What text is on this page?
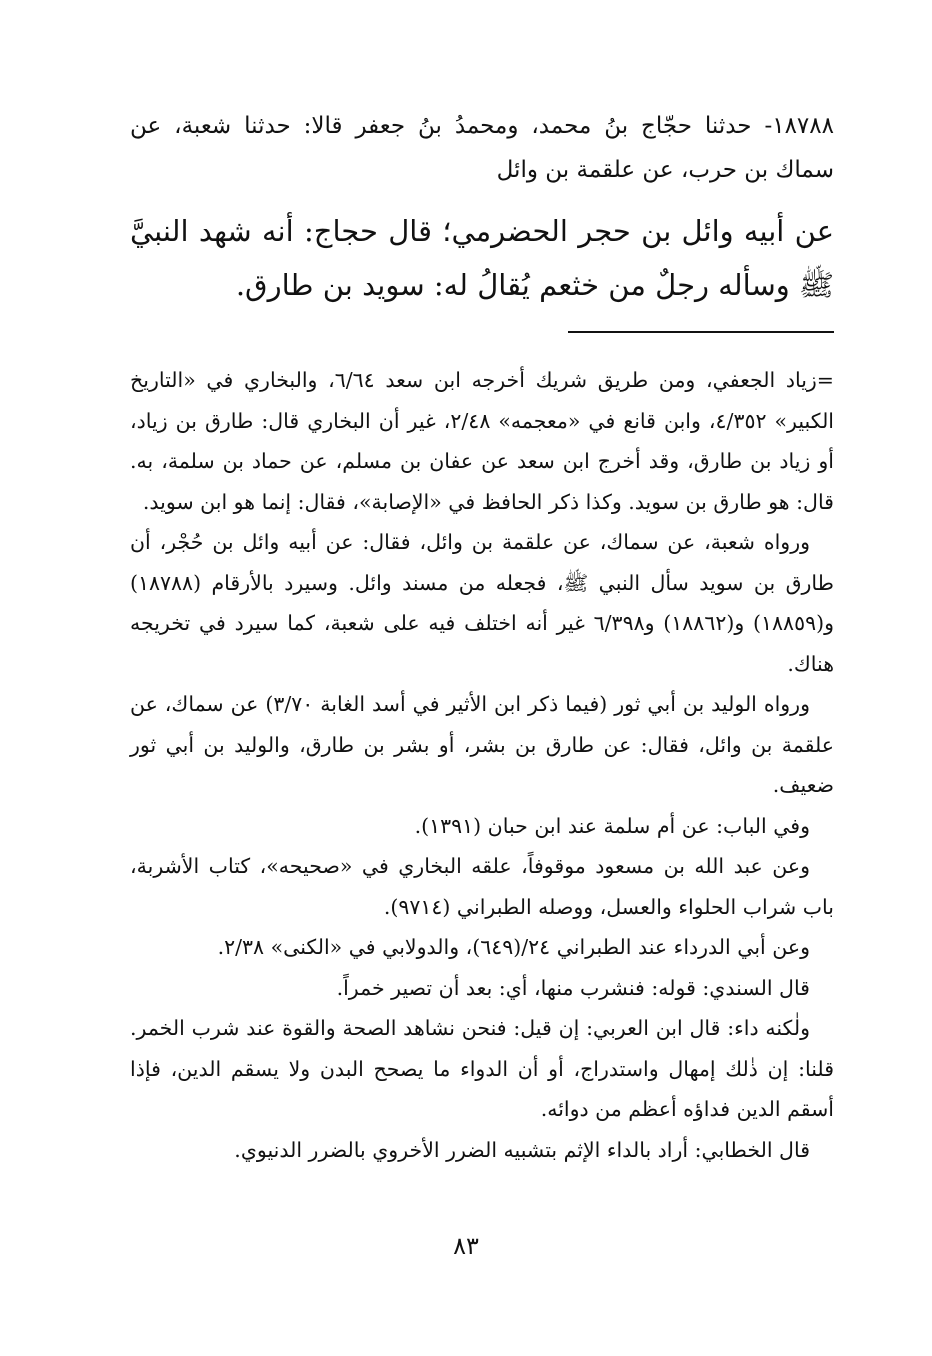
١٨٧٨٨- حدثنا حجّاج بنُ محمد، ومحمدُ بنُ جعفر قالا: حدثنا شعبة، عن سماك بن حرب، عن علقمة بن وائل
عن أبيه وائل بن حجر الحضرمي؛ قال حجاج: أنه شهد النبيَّ ﷺ وسأله رجلٌ من خثعم يُقالُ له: سويد بن طارق.

=زياد الجعفي، ومن طريق شريك أخرجه ابن سعد ٦/٦٤، والبخاري في «التاريخ الكبير» ٤/٣٥٢، وابن قانع في «معجمه» ٢/٤٨، غير أن البخاري قال: طارق بن زياد، أو زياد بن طارق، وقد أخرج ابن سعد عن عفان بن مسلم، عن حماد بن سلمة، به. قال: هو طارق بن سويد. وكذا ذكر الحافظ في «الإصابة»، فقال: إنما هو ابن سويد.

ورواه شعبة، عن سماك، عن علقمة بن وائل، فقال: عن أبيه وائل بن حُجْر، أن طارق بن سويد سأل النبي ﷺ، فجعله من مسند وائل. وسيرد بالأرقام (١٨٧٨٨) و(١٨٨٥٩) و(١٨٨٦٢) و٦/٣٩٨ غير أنه اختلف فيه على شعبة، كما سيرد في تخريجه هناك.

ورواه الوليد بن أبي ثور (فيما ذكر ابن الأثير في أسد الغابة ٣/٧٠) عن سماك، عن علقمة بن وائل، فقال: عن طارق بن بشر، أو بشر بن طارق، والوليد بن أبي ثور ضعيف.

وفي الباب: عن أم سلمة عند ابن حبان (١٣٩١).

وعن عبد الله بن مسعود موقوفاً، علقه البخاري في «صحيحه»، كتاب الأشربة، باب شراب الحلواء والعسل، ووصله الطبراني (٩٧١٤).

وعن أبي الدرداء عند الطبراني ٢٤/(٦٤٩)، والدولابي في «الكنى» ٢/٣٨.

قال السندي: قوله: فنشرب منها، أي: بعد أن تصير خمراً.

ولٰكنه داء: قال ابن العربي: إن قيل: فنحن نشاهد الصحة والقوة عند شرب الخمر. قلنا: إن ذٰلك إمهال واستدراج، أو أن الدواء ما يصحح البدن ولا يسقم الدين، فإذا أسقم الدين فداؤه أعظم من دوائه.

قال الخطابي: أراد بالداء الإثم بتشبيه الضرر الأخروي بالضرر الدنيوي.

٨٣
